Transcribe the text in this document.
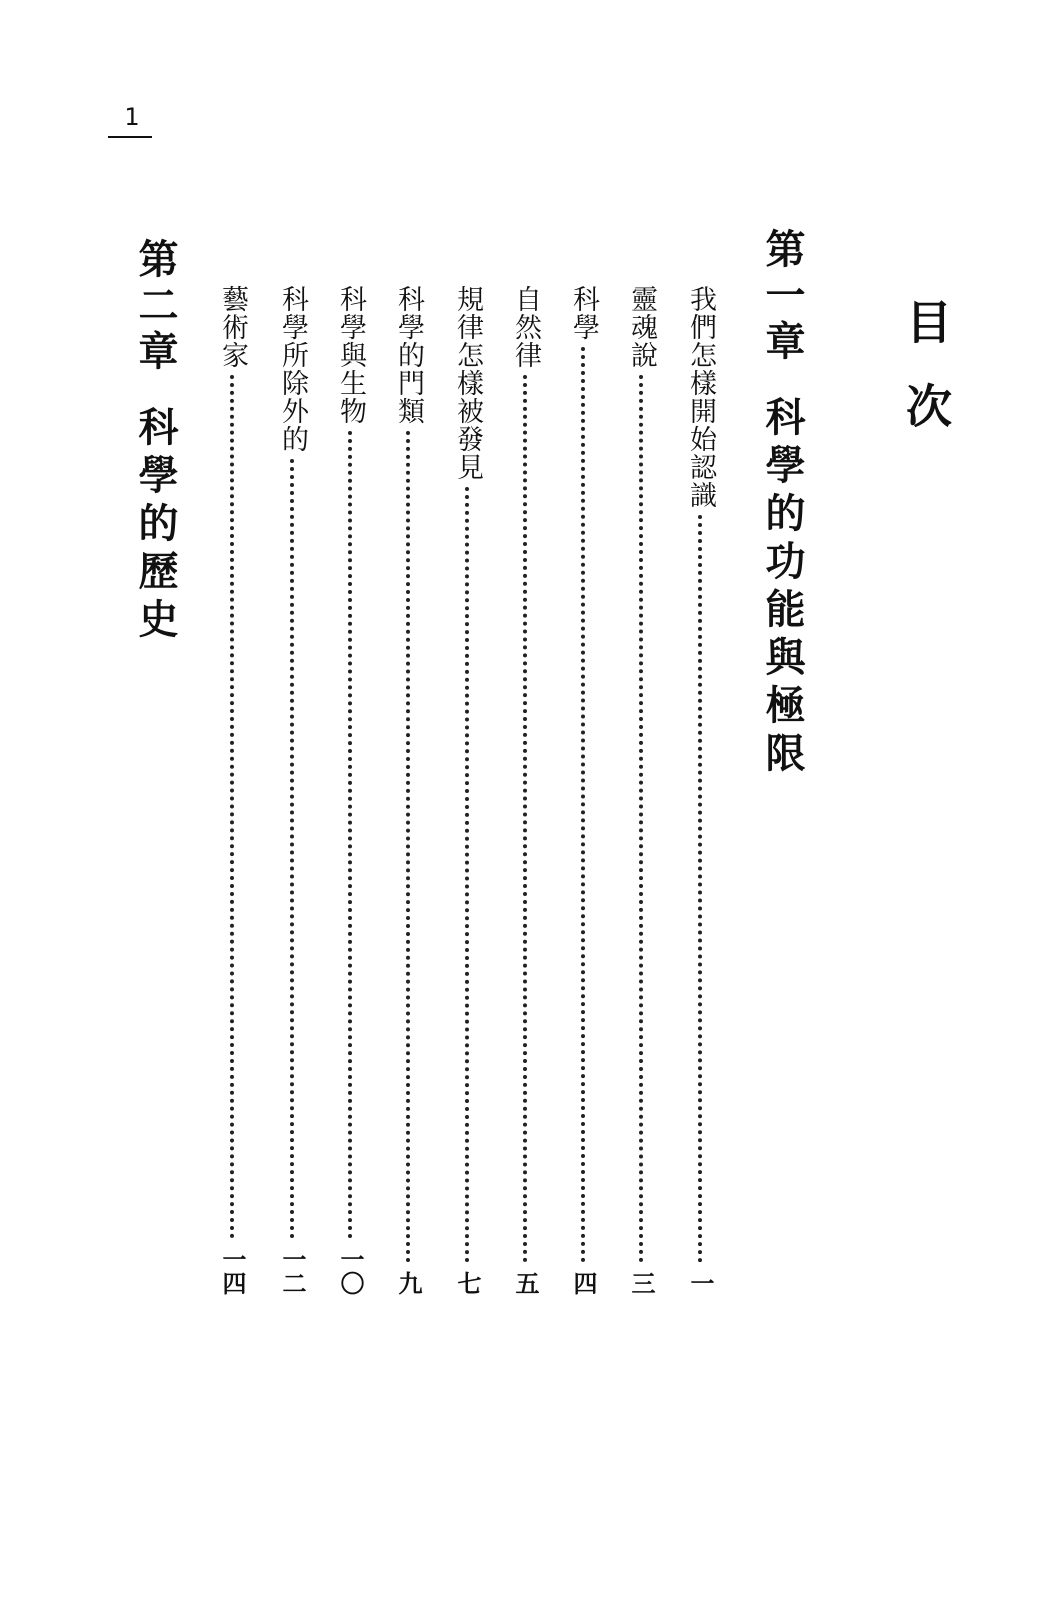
1
目次
第一章科學的功能與極限
我們怎樣開始認識
一
靈魂說
三
科學
四
自然律
五
規律怎樣被發見
七
科學的門類
九
科學與生物
一〇
科學所除外的
一二
藝術家
一四
第二章科學的歷史
